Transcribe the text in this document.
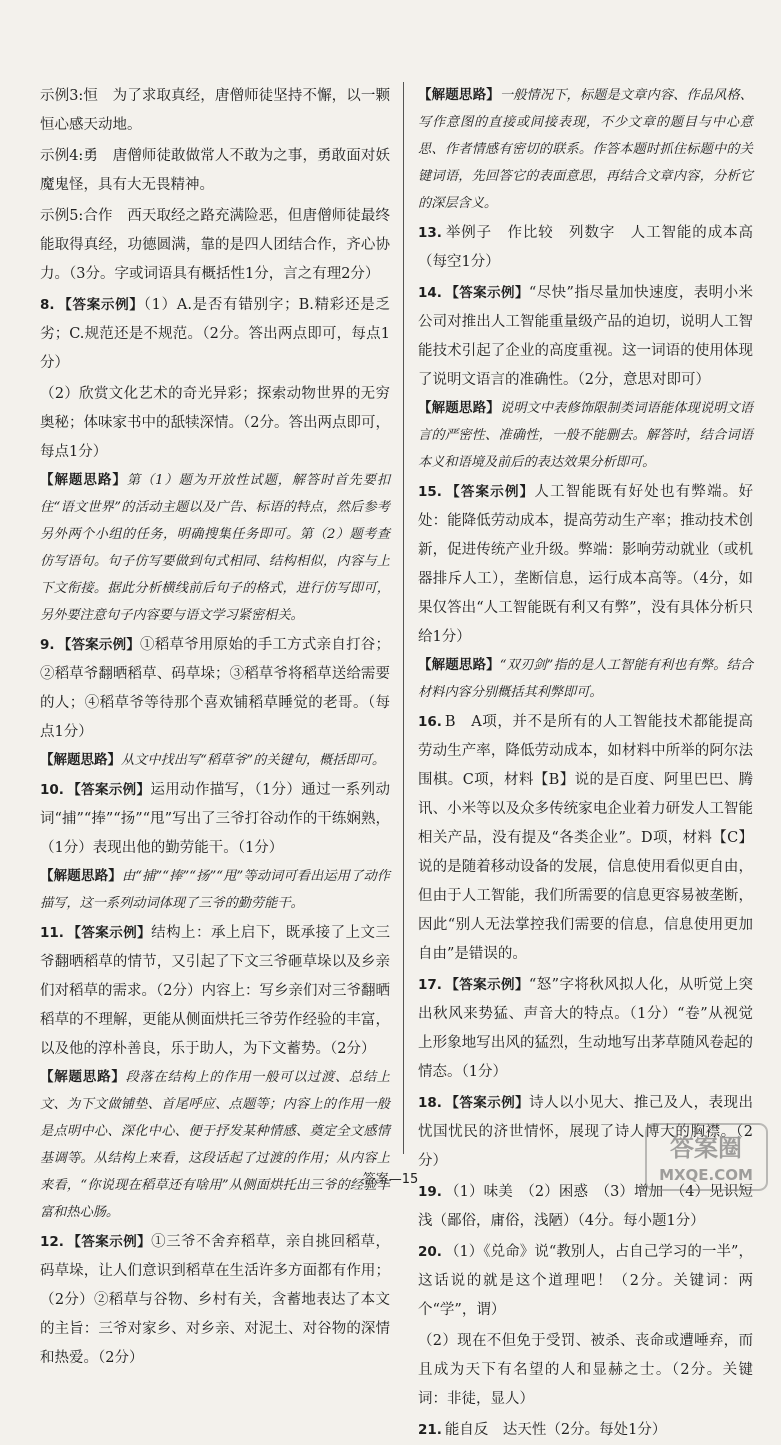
示例3:恒　为了求取真经，唐僧师徒坚持不懈，以一颗恒心感天动地。

示例4:勇　唐僧师徒敢做常人不敢为之事，勇敢面对妖魔鬼怪，具有大无畏精神。

示例5:合作　西天取经之路充满险恶，但唐僧师徒最终能取得真经，功德圆满，靠的是四人团结合作，齐心协力。（3分。字或词语具有概括性1分，言之有理2分）

8. 【答案示例】（1）A.是否有错别字；B.精彩还是乏劣；C.规范还是不规范。（2分。答出两点即可，每点1分）

（2）欣赏文化艺术的奇光异彩；探索动物世界的无穷奥秘；体味家书中的舐犊深情。（2分。答出两点即可，每点1分）

【解题思路】第（1）题为开放性试题，解答时首先要扣住“语文世界”的活动主题以及广告、标语的特点，然后参考另外两个小组的任务，明确搜集任务即可。第（2）题考查仿写语句。句子仿写要做到句式相同、结构相似，内容与上下文衔接。据此分析横线前后句子的格式，进行仿写即可，另外要注意句子内容要与语文学习紧密相关。

9. 【答案示例】①稻草爷用原始的手工方式亲自打谷；②稻草爷翻晒稻草、码草垛；③稻草爷将稻草送给需要的人；④稻草爷等待那个喜欢铺稻草睡觉的老哥。（每点1分）

【解题思路】从文中找出写“稻草爷”的关键句，概括即可。

10. 【答案示例】运用动作描写，（1分）通过一系列动词“捕”“捧”“扬”“甩”写出了三爷打谷动作的干练娴熟，（1分）表现出他的勤劳能干。（1分）

【解题思路】由“捕”“捧”“扬”“甩”等动词可看出运用了动作描写，这一系列动词体现了三爷的勤劳能干。

11. 【答案示例】结构上：承上启下，既承接了上文三爷翻晒稻草的情节，又引起了下文三爷砸草垛以及乡亲们对稻草的需求。（2分）内容上：写乡亲们对三爷翻晒稻草的不理解，更能从侧面烘托三爷劳作经验的丰富，以及他的淳朴善良，乐于助人，为下文蓄势。（2分）

【解题思路】段落在结构上的作用一般可以过渡、总结上文、为下文做铺垫、首尾呼应、点题等；内容上的作用一般是点明中心、深化中心、便于抒发某种情感、奠定全文感情基调等。从结构上来看，这段话起了过渡的作用；从内容上来看，“你说现在稻草还有啥用”从侧面烘托出三爷的经验丰富和热心肠。

12. 【答案示例】①三爷不舍弃稻草，亲自挑回稻草，码草垛，让人们意识到稻草在生活许多方面都有作用；（2分）②稻草与谷物、乡村有关，含蓄地表达了本文的主旨：三爷对家乡、对乡亲、对泥土、对谷物的深情和热爱。（2分）

【解题思路】一般情况下，标题是文章内容、作品风格、写作意图的直接或间接表现，不少文章的题目与中心意思、作者情感有密切的联系。作答本题时抓住标题中的关键词语，先回答它的表面意思，再结合文章内容，分析它的深层含义。

13. 举例子　作比较　列数字　人工智能的成本高（每空1分）

14. 【答案示例】“尽快”指尽量加快速度，表明小米公司对推出人工智能重量级产品的迫切，说明人工智能技术引起了企业的高度重视。这一词语的使用体现了说明文语言的准确性。（2分，意思对即可）

【解题思路】说明文中表修饰限制类词语能体现说明文语言的严密性、准确性，一般不能删去。解答时，结合词语本义和语境及前后的表达效果分析即可。

15. 【答案示例】人工智能既有好处也有弊端。好处：能降低劳动成本，提高劳动生产率；推动技术创新，促进传统产业升级。弊端：影响劳动就业（或机器排斥人工），垄断信息，运行成本高等。（4分，如果仅答出“人工智能既有利又有弊”，没有具体分析只给1分）

【解题思路】“双刃剑”指的是人工智能有利也有弊。结合材料内容分别概括其利弊即可。

16. B　A项，并不是所有的人工智能技术都能提高劳动生产率，降低劳动成本，如材料中所举的阿尔法围棋。C项，材料【B】说的是百度、阿里巴巴、腾讯、小米等以及众多传统家电企业着力研发人工智能相关产品，没有提及“各类企业”。D项，材料【C】说的是随着移动设备的发展，信息使用看似更自由，但由于人工智能，我们所需要的信息更容易被垄断，因此“别人无法掌控我们需要的信息，信息使用更加自由”是错误的。

17. 【答案示例】“怒”字将秋风拟人化，从听觉上突出秋风来势猛、声音大的特点。（1分）“卷”从视觉上形象地写出风的猛烈，生动地写出茅草随风卷起的情态。（1分）

18. 【答案示例】诗人以小见大、推己及人，表现出忧国忧民的济世情怀，展现了诗人博大的胸襟。（2分）

19. （1）味美　（2）困惑　（3）增加　（4）见识短浅（鄙俗，庸俗，浅陋）（4分。每小题1分）

20. （1）《兑命》说“教别人，占自己学习的一半”，这话说的就是这个道理吧！（2分。关键词：两个“学”，谓）

（2）现在不但免于受罚、被杀、丧命或遭唾弃，而且成为天下有名望的人和显赫之士。（2分。关键词：非徒，显人）

21. 能自反　达天性（2分。每处1分）

答案—15
答案圈
MXQE.COM
